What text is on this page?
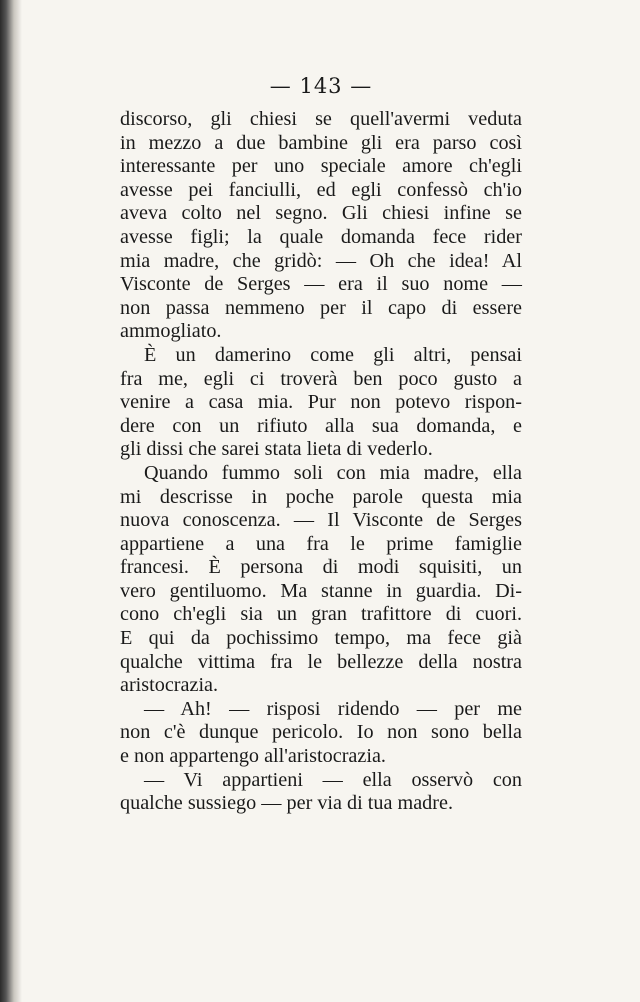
— 143 —

discorso, gli chiesi se quell'avermi veduta
in mezzo a due bambine gli era parso così
interessante per uno speciale amore ch'egli
avesse pei fanciulli, ed egli confessò ch'io
aveva colto nel segno. Gli chiesi infine se
avesse figli; la quale domanda fece rider
mia madre, che gridò: — Oh che idea! Al
Visconte de Serges — era il suo nome —
non passa nemmeno per il capo di essere
ammogliato.

È un damerino come gli altri, pensai
fra me, egli ci troverà ben poco gusto a
venire a casa mia. Pur non potevo rispon-
dere con un rifiuto alla sua domanda, e
gli dissi che sarei stata lieta di vederlo.

Quando fummo soli con mia madre, ella
mi descrisse in poche parole questa mia
nuova conoscenza. — Il Visconte de Serges
appartiene a una fra le prime famiglie
francesi. È persona di modi squisiti, un
vero gentiluomo. Ma stanne in guardia. Di-
cono ch'egli sia un gran trafittore di cuori.
E qui da pochissimo tempo, ma fece già
qualche vittima fra le bellezze della nostra
aristocrazia.

— Ah! — risposi ridendo — per me
non c'è dunque pericolo. Io non sono bella
e non appartengo all'aristocrazia.

— Vi appartieni — ella osservò con
qualche sussiego — per via di tua madre.
